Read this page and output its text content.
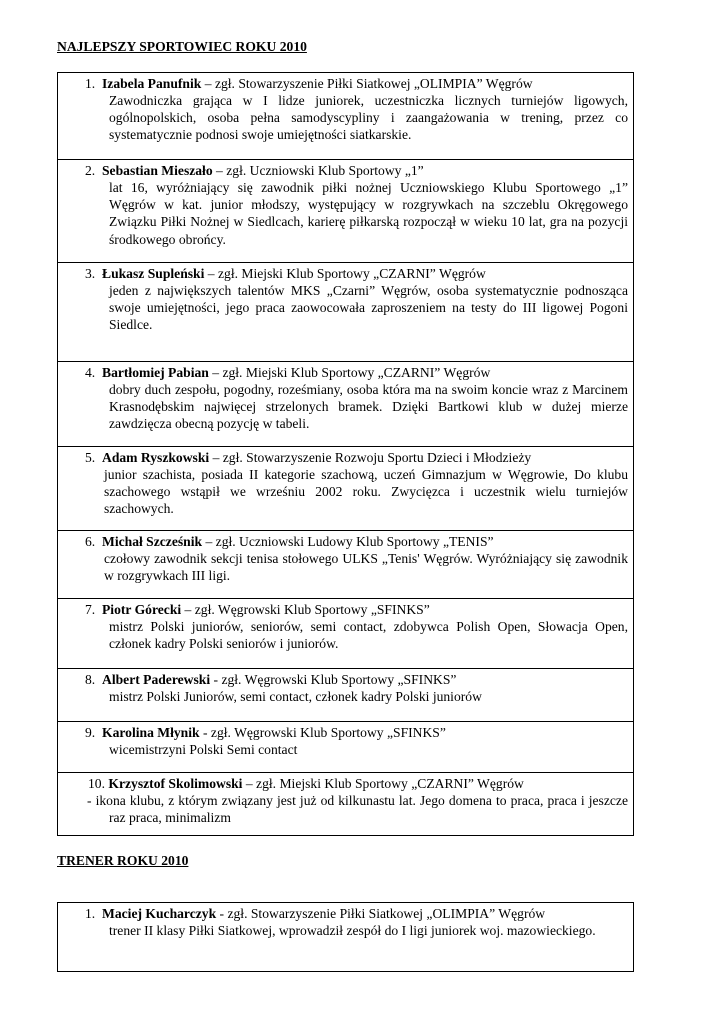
NAJLEPSZY SPORTOWIEC ROKU 2010
1. Izabela Panufnik – zgł. Stowarzyszenie Piłki Siatkowej „OLIMPIA” Węgrów

Zawodniczka grająca w I lidze juniorek, uczestniczka licznych turniejów ligowych, ogólnopolskich, osoba pełna samodyscypliny i zaangażowania w trening, przez co systematycznie podnosi swoje umiejętności siatkarskie.

2. Sebastian Mieszało – zgł. Uczniowski Klub Sportowy „1”

lat 16, wyróżniający się zawodnik piłki nożnej Uczniowskiego Klubu Sportowego „1” Węgrów w kat. junior młodszy, występujący w rozgrywkach na szczeblu Okręgowego Związku Piłki Nożnej w Siedlcach, karierę piłkarską rozpoczął w wieku 10 lat, gra na pozycji środkowego obrońcy.

3. Łukasz Supleński – zgł. Miejski Klub Sportowy „CZARNI” Węgrów

jeden z największych talentów MKS „Czarni” Węgrów, osoba systematycznie podnosząca swoje umiejętności, jego praca zaowocowała zaproszeniem na testy do III ligowej Pogoni Siedlce.

4. Bartłomiej Pabian – zgł. Miejski Klub Sportowy „CZARNI” Węgrów

dobry duch zespołu, pogodny, roześmiany, osoba która ma na swoim koncie wraz z Marcinem Krasnodębskim najwięcej strzelonych bramek. Dzięki Bartkowi klub w dużej mierze zawdzięcza obecną pozycję w tabeli.

5. Adam Ryszkowski – zgł. Stowarzyszenie Rozwoju Sportu Dzieci i Młodzieży

junior szachista, posiada II kategorie szachową, uczeń Gimnazjum w Węgrowie, Do klubu szachowego wstąpił we wrześniu 2002 roku. Zwycięzca i uczestnik wielu turniejów szachowych.

6. Michał Szcześnik – zgł. Uczniowski Ludowy Klub Sportowy „TENIS”

czołowy zawodnik sekcji tenisa stołowego ULKS „Tenis' Węgrów. Wyróżniający się zawodnik w rozgrywkach III ligi.

7. Piotr Górecki – zgł. Węgrowski Klub Sportowy „SFINKS”

mistrz Polski juniorów, seniorów, semi contact, zdobywca Polish Open, Słowacja Open, członek kadry Polski seniorów i juniorów.

8. Albert Paderewski - zgł. Węgrowski Klub Sportowy „SFINKS”

mistrz Polski Juniorów, semi contact, członek kadry Polski juniorów

9. Karolina Młynik - zgł. Węgrowski Klub Sportowy „SFINKS”

wicemistrzyni Polski Semi contact

10. Krzysztof Skolimowski – zgł. Miejski Klub Sportowy „CZARNI” Węgrów

- ikona klubu, z którym związany jest już od kilkunastu lat. Jego domena to praca, praca i jeszcze raz praca, minimalizm

TRENER ROKU 2010
1. Maciej Kucharczyk - zgł. Stowarzyszenie Piłki Siatkowej „OLIMPIA” Węgrów

trener II klasy Piłki Siatkowej, wprowadził zespół do I ligi juniorek woj. mazowieckiego.
